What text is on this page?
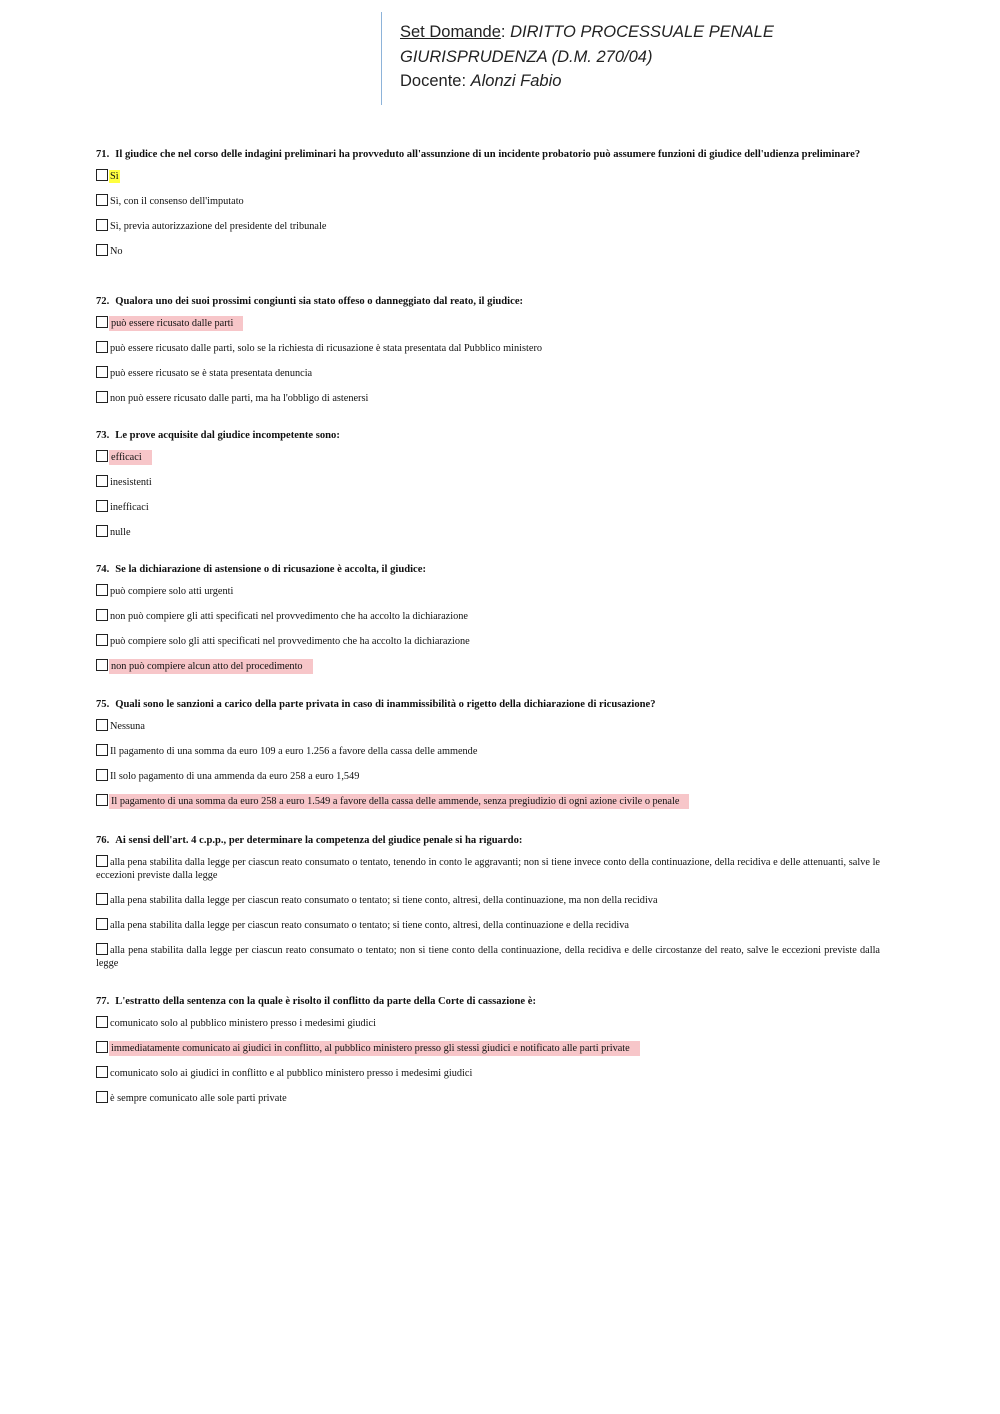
Set Domande: DIRITTO PROCESSUALE PENALE
GIURISPRUDENZA (D.M. 270/04)
Docente: Alonzi Fabio
71. Il giudice che nel corso delle indagini preliminari ha provveduto all'assunzione di un incidente probatorio può assumere funzioni di giudice dell'udienza preliminare?
Sì
Sì, con il consenso dell'imputato
Sì, previa autorizzazione del presidente del tribunale
No
72. Qualora uno dei suoi prossimi congiunti sia stato offeso o danneggiato dal reato, il giudice:
può essere ricusato dalle parti
può essere ricusato dalle parti, solo se la richiesta di ricusazione è stata presentata dal Pubblico ministero
può essere ricusato se è stata presentata denuncia
non può essere ricusato dalle parti, ma ha l'obbligo di astenersi
73. Le prove acquisite dal giudice incompetente sono:
efficaci
inesistenti
inefficaci
nulle
74. Se la dichiarazione di astensione o di ricusazione è accolta, il giudice:
può compiere solo atti urgenti
non può compiere gli atti specificati nel provvedimento che ha accolto la dichiarazione
può compiere solo gli atti specificati nel provvedimento che ha accolto la dichiarazione
non può compiere alcun atto del procedimento
75. Quali sono le sanzioni a carico della parte privata in caso di inammissibilità o rigetto della dichiarazione di ricusazione?
Nessuna
Il pagamento di una somma da euro 109 a euro 1.256 a favore della cassa delle ammende
Il solo pagamento di una ammenda da euro 258 a euro 1,549
Il pagamento di una somma da euro 258 a euro 1.549 a favore della cassa delle ammende, senza pregiudizio di ogni azione civile o penale
76. Ai sensi dell'art. 4 c.p.p., per determinare la competenza del giudice penale si ha riguardo:
alla pena stabilita dalla legge per ciascun reato consumato o tentato, tenendo in conto le aggravanti; non si tiene invece conto della continuazione, della recidiva e delle attenuanti, salve le eccezioni previste dalla legge
alla pena stabilita dalla legge per ciascun reato consumato o tentato; si tiene conto, altresì, della continuazione, ma non della recidiva
alla pena stabilita dalla legge per ciascun reato consumato o tentato; si tiene conto, altresì, della continuazione e della recidiva
alla pena stabilita dalla legge per ciascun reato consumato o tentato; non si tiene conto della continuazione, della recidiva e delle circostanze del reato, salve le eccezioni previste dalla legge
77. L'estratto della sentenza con la quale è risolto il conflitto da parte della Corte di cassazione è:
comunicato solo al pubblico ministero presso i medesimi giudici
immediatamente comunicato ai giudici in conflitto, al pubblico ministero presso gli stessi giudici e notificato alle parti private
comunicato solo ai giudici in conflitto e al pubblico ministero presso i medesimi giudici
è sempre comunicato alle sole parti private
